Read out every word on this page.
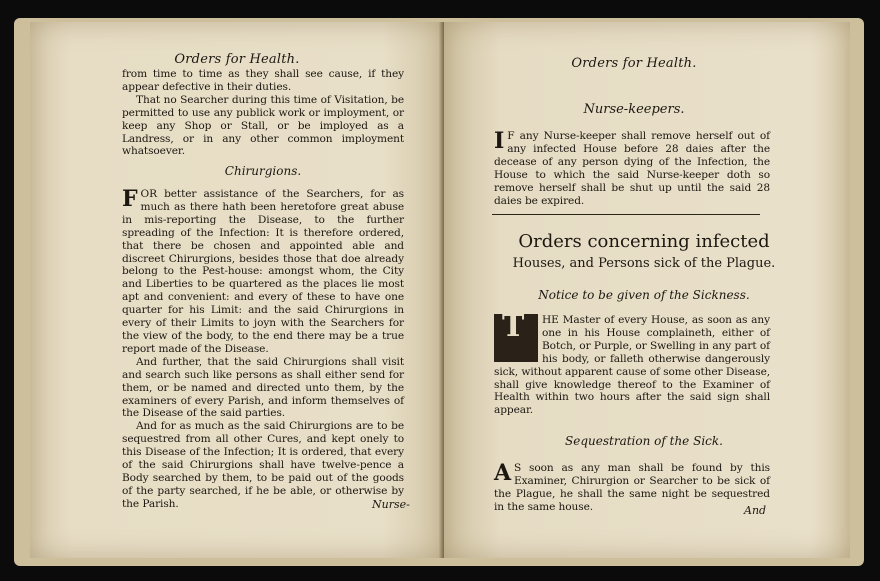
Orders for Health.

from time to time as they shall see cause, if they appear defective in their duties.

That no Searcher during this time of Visitation, be permitted to use any publick work or imployment, or keep any Shop or Stall, or be imployed as a Landress, or in any other common imployment whatsoever.

Chirurgions.

F OR better assistance of the Searchers, for as much as there hath been heretofore great abuse in mis-reporting the Disease, to the further spreading of the Infection: It is therefore ordered, that there be chosen and appointed able and discreet Chirurgions, besides those that doe already belong to the Pest-house: amongst whom, the City and Liberties to be quartered as the places lie most apt and convenient: and every of these to have one quarter for his Limit: and the said Chirurgions in every of their Limits to joyn with the Searchers for the view of the body, to the end there may be a true report made of the Disease.

And further, that the said Chirurgions shall visit and search such like persons as shall either send for them, or be named and directed unto them, by the examiners of every Parish, and inform themselves of the Disease of the said parties.

And for as much as the said Chirurgions are to be sequestred from all other Cures, and kept onely to this Disease of the Infection; It is ordered, that every of the said Chirurgions shall have twelve-pence a Body searched by them, to be paid out of the goods of the party searched, if he be able, or otherwise by the Parish.	Nurse-
Orders for Health.
Nurse-keepers.

I F any Nurse-keeper shall remove herself out of any infected House before 28 daies after the decease of any person dying of the Infection, the House to which the said Nurse-keeper doth so remove herself shall be shut up until the said 28 daies be expired.

Orders concerning infected
Houses, and Persons sick of the Plague.
Notice to be given of the Sickness.

T HE Master of every House, as soon as any one in his House complaineth, either of Botch, or Purple, or Swelling in any part of his body, or falleth otherwise dangerously sick, without apparent cause of some other Disease, shall give knowledge thereof to the Examiner of Health within two hours after the said sign shall appear.

Sequestration of the Sick.

A S soon as any man shall be found by this Examiner, Chirurgion or Searcher to be sick of the Plague, he shall the same night be sequestred in the same house.	And
